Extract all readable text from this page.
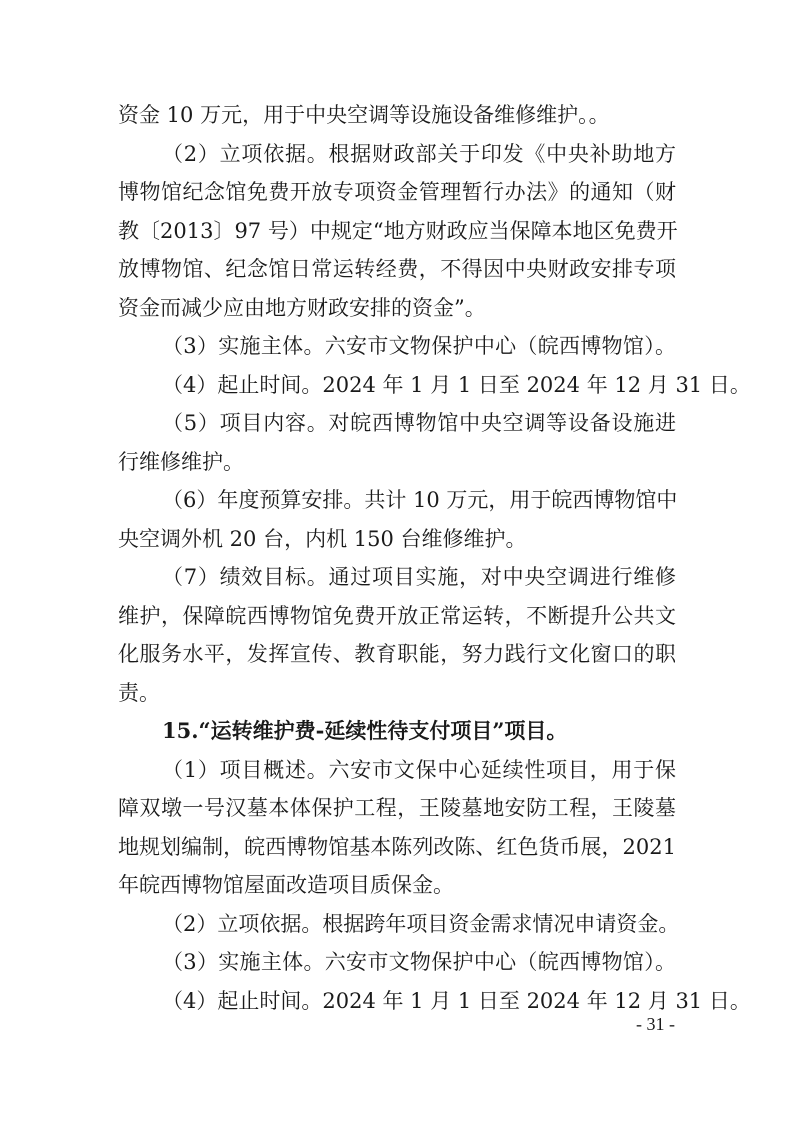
资金 10 万元，用于中央空调等设施设备维修维护。。
（2）立项依据。根据财政部关于印发《中央补助地方
博物馆纪念馆免费开放专项资金管理暂行办法》的通知（财
教〔2013〕97 号）中规定“地方财政应当保障本地区免费开
放博物馆、纪念馆日常运转经费，不得因中央财政安排专项
资金而减少应由地方财政安排的资金”。
（3）实施主体。六安市文物保护中心（皖西博物馆）。
（4）起止时间。2024 年 1 月 1 日至 2024 年 12 月 31 日。
（5）项目内容。对皖西博物馆中央空调等设备设施进
行维修维护。
（6）年度预算安排。共计 10 万元，用于皖西博物馆中
央空调外机 20 台，内机 150 台维修维护。
（7）绩效目标。通过项目实施，对中央空调进行维修
维护，保障皖西博物馆免费开放正常运转，不断提升公共文
化服务水平，发挥宣传、教育职能，努力践行文化窗口的职
责。
15.“运转维护费-延续性待支付项目”项目。
（1）项目概述。六安市文保中心延续性项目，用于保
障双墩一号汉墓本体保护工程，王陵墓地安防工程，王陵墓
地规划编制，皖西博物馆基本陈列改陈、红色货币展，2021
年皖西博物馆屋面改造项目质保金。
（2）立项依据。根据跨年项目资金需求情况申请资金。
（3）实施主体。六安市文物保护中心（皖西博物馆）。
（4）起止时间。2024 年 1 月 1 日至 2024 年 12 月 31 日。
- 31 -
